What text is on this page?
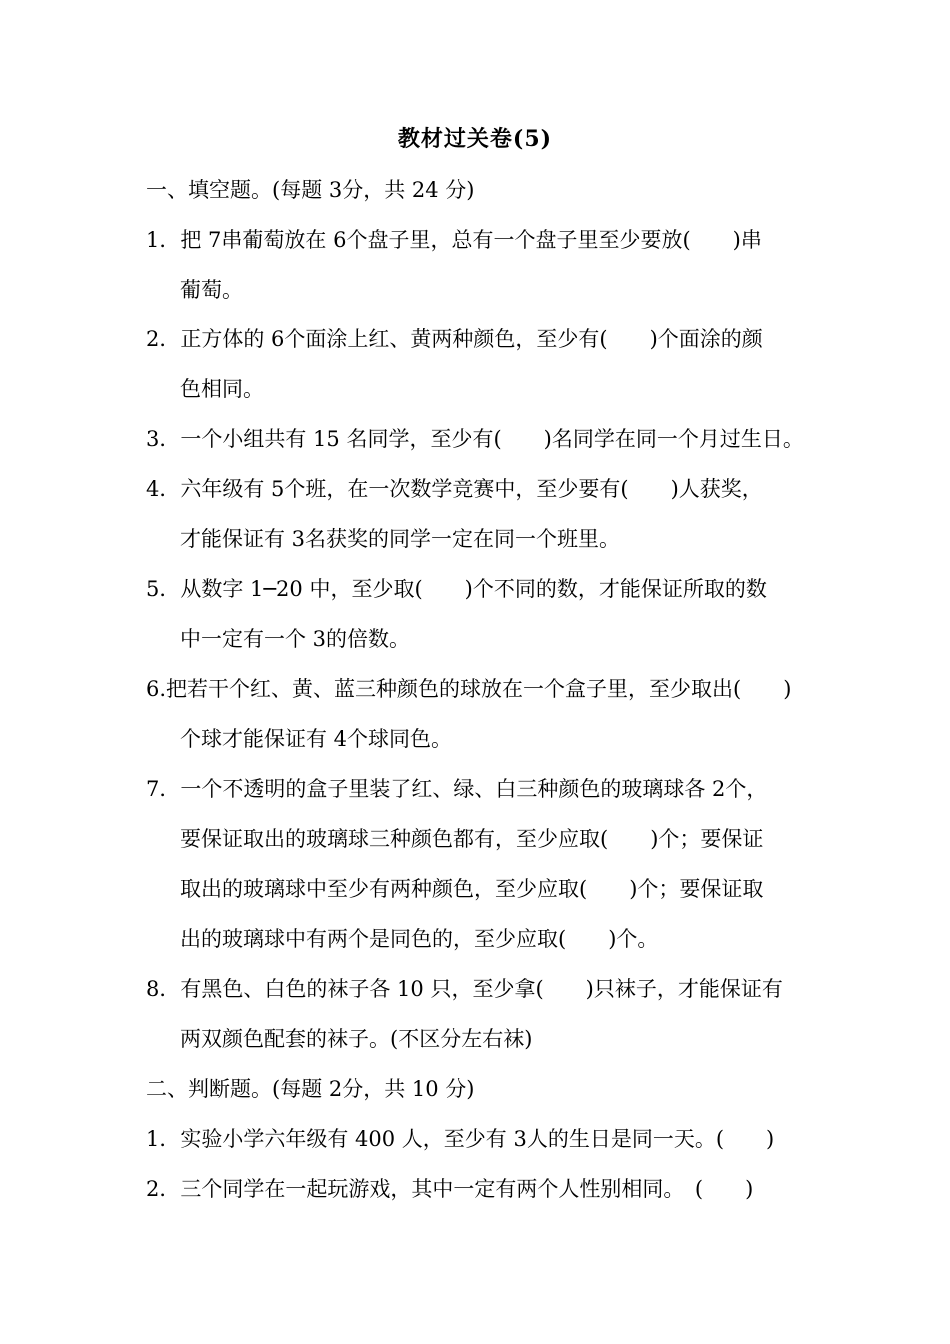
教材过关卷(5)
一、填空题。(每题 3分，共 24 分)
1．把 7串葡萄放在 6个盘子里，总有一个盘子里至少要放(　　)串
葡萄。
2．正方体的 6个面涂上红、黄两种颜色，至少有(　　)个面涂的颜
色相同。
3．一个小组共有 15 名同学，至少有(　　)名同学在同一个月过生日。
4．六年级有 5个班，在一次数学竞赛中，至少要有(　　)人获奖，
才能保证有 3名获奖的同学一定在同一个班里。
5．从数字 1─20 中，至少取(　　)个不同的数，才能保证所取的数
中一定有一个 3的倍数。
6.把若干个红、黄、蓝三种颜色的球放在一个盒子里，至少取出(　　)
个球才能保证有 4个球同色。
7．一个不透明的盒子里装了红、绿、白三种颜色的玻璃球各 2个，
要保证取出的玻璃球三种颜色都有，至少应取(　　)个；要保证
取出的玻璃球中至少有两种颜色，至少应取(　　)个；要保证取
出的玻璃球中有两个是同色的，至少应取(　　)个。
8．有黑色、白色的袜子各 10 只，至少拿(　　)只袜子，才能保证有
两双颜色配套的袜子。(不区分左右袜)
二、判断题。(每题 2分，共 10 分)
1．实验小学六年级有 400 人，至少有 3人的生日是同一天。(　　)
2．三个同学在一起玩游戏，其中一定有两个人性别相同。　(　　)
